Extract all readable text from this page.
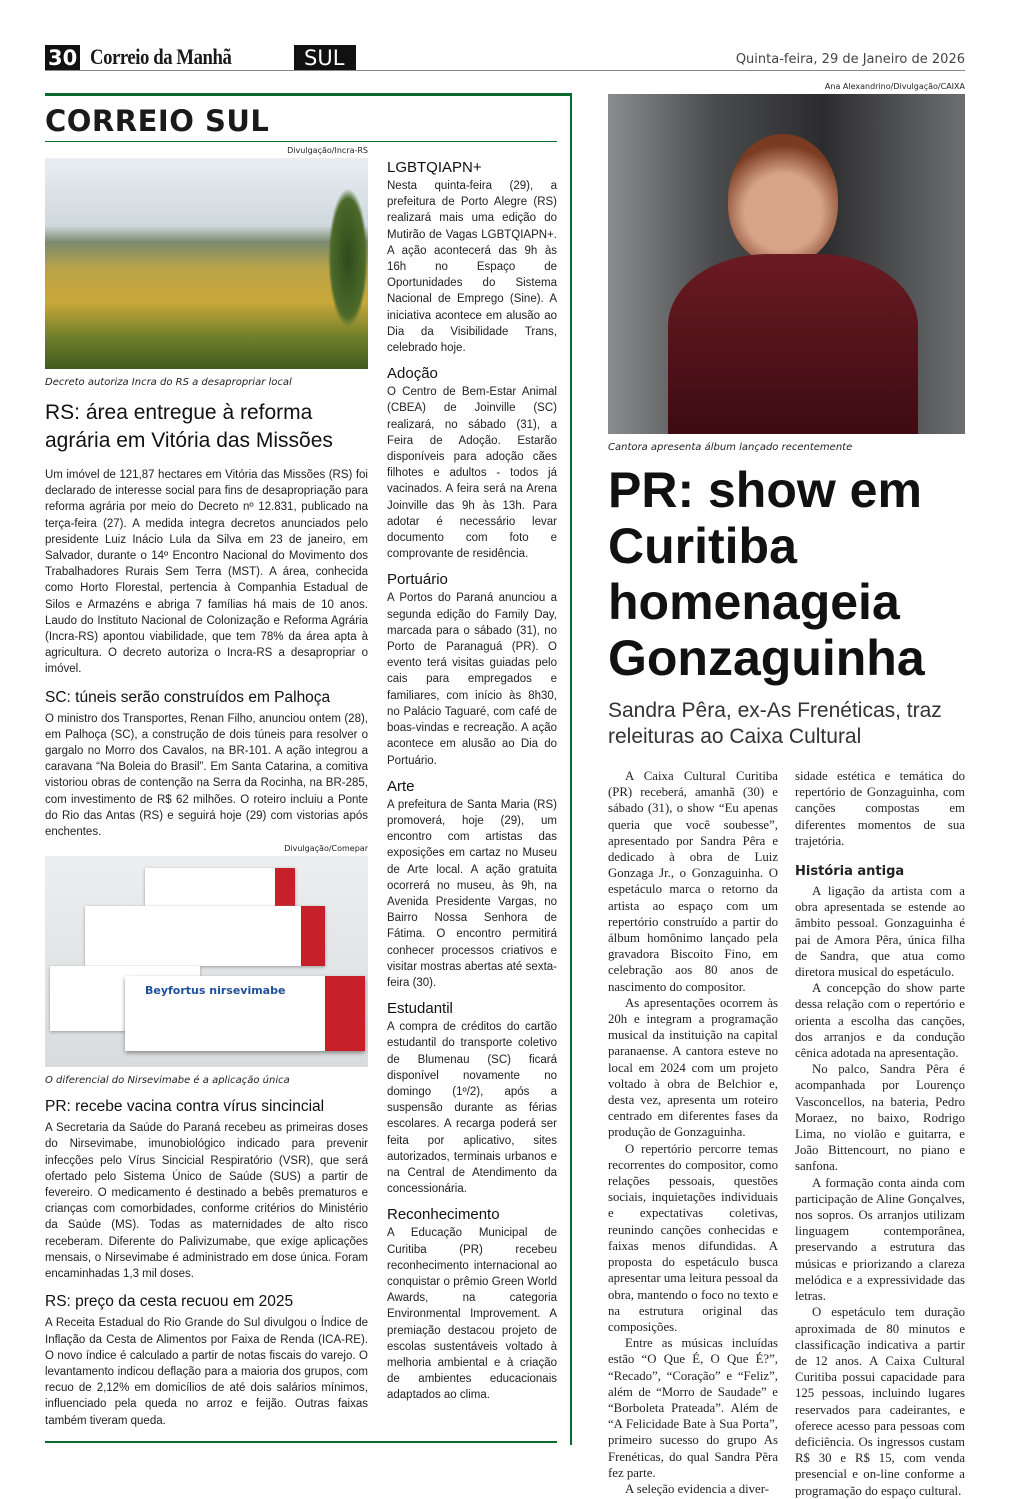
30 Correio da Manhã	SUL	Quinta-feira, 29 de Janeiro de 2026
CORREIO SUL
Divulgação/Incra-RS
Decreto autoriza Incra do RS a desapropriar local
RS: área entregue à reforma agrária em Vitória das Missões
Um imóvel de 121,87 hectares em Vitória das Missões (RS) foi declarado de interesse social para fins de desapropriação para reforma agrária por meio do Decreto nº 12.831, publicado na terça-feira (27). A medida integra decretos anunciados pelo presidente Luiz Inácio Lula da Silva em 23 de janeiro, em Salvador, durante o 14º Encontro Nacional do Movimento dos Trabalhadores Rurais Sem Terra (MST). A área, conhecida como Horto Florestal, pertencia à Companhia Estadual de Silos e Armazéns e abriga 7 famílias há mais de 10 anos. Laudo do Instituto Nacional de Colonização e Reforma Agrária (Incra-RS) apontou viabilidade, que tem 78% da área apta à agricultura. O decreto autoriza o Incra-RS a desapropriar o imóvel.
SC: túneis serão construídos em Palhoça
O ministro dos Transportes, Renan Filho, anunciou ontem (28), em Palhoça (SC), a construção de dois túneis para resolver o gargalo no Morro dos Cavalos, na BR-101. A ação integrou a caravana “Na Boleia do Brasil”. Em Santa Catarina, a comitiva vistoriou obras de contenção na Serra da Rocinha, na BR-285, com investimento de R$ 62 milhões. O roteiro incluiu a Ponte do Rio das Antas (RS) e seguirá hoje (29) com vistorias após enchentes.
Divulgação/Comepar
Beyfortus nirsevimabe
O diferencial do Nirsevimabe é a aplicação única
PR: recebe vacina contra vírus sincincial
A Secretaria da Saúde do Paraná recebeu as primeiras doses do Nirsevimabe, imunobiológico indicado para prevenir infecções pelo Vírus Sincicial Respiratório (VSR), que será ofertado pelo Sistema Único de Saúde (SUS) a partir de fevereiro. O medicamento é destinado a bebês prematuros e crianças com comorbidades, conforme critérios do Ministério da Saúde (MS). Todas as maternidades de alto risco receberam. Diferente do Palivizumabe, que exige aplicações mensais, o Nirsevimabe é administrado em dose única. Foram encaminhadas 1,3 mil doses.
RS: preço da cesta recuou em 2025
A Receita Estadual do Rio Grande do Sul divulgou o Índice de Inflação da Cesta de Alimentos por Faixa de Renda (ICA-RE). O novo índice é calculado a partir de notas fiscais do varejo. O levantamento indicou deflação para a maioria dos grupos, com recuo de 2,12% em domicílios de até dois salários mínimos, influenciado pela queda no arroz e feijão. Outras faixas também tiveram queda.
LGBTQIAPN+

Nesta quinta-feira (29), a prefeitura de Porto Alegre (RS) realizará mais uma edição do Mutirão de Vagas LGBTQIAPN+. A ação acontecerá das 9h às 16h no Espaço de Oportunidades do Sistema Nacional de Emprego (Sine). A iniciativa acontece em alusão ao Dia da Visibilidade Trans, celebrado hoje.

Adoção

O Centro de Bem-Estar Animal (CBEA) de Joinville (SC) realizará, no sábado (31), a Feira de Adoção. Estarão disponíveis para adoção cães filhotes e adultos - todos já vacinados. A feira será na Arena Joinville das 9h às 13h. Para adotar é necessário levar documento com foto e comprovante de residência.

Portuário

A Portos do Paraná anunciou a segunda edição do Family Day, marcada para o sábado (31), no Porto de Paranaguá (PR). O evento terá visitas guiadas pelo cais para empregados e familiares, com início às 8h30, no Palácio Taguaré, com café de boas-vindas e recreação. A ação acontece em alusão ao Dia do Portuário.

Arte

A prefeitura de Santa Maria (RS) promoverá, hoje (29), um encontro com artistas das exposições em cartaz no Museu de Arte local. A ação gratuita ocorrerá no museu, às 9h, na Avenida Presidente Vargas, no Bairro Nossa Senhora de Fátima. O encontro permitirá conhecer processos criativos e visitar mostras abertas até sexta-feira (30).

Estudantil

A compra de créditos do cartão estudantil do transporte coletivo de Blumenau (SC) ficará disponível novamente no domingo (1º/2), após a suspensão durante as férias escolares. A recarga poderá ser feita por aplicativo, sites autorizados, terminais urbanos e na Central de Atendimento da concessionária.

Reconhecimento

A Educação Municipal de Curitiba (PR) recebeu reconhecimento internacional ao conquistar o prêmio Green World Awards, na categoria Environmental Improvement. A premiação destacou projeto de escolas sustentáveis voltado à melhoria ambiental e à criação de ambientes educacionais adaptados ao clima.

Ana Alexandrino/Divulgação/CAIXA
Cantora apresenta álbum lançado recentemente
PR: show em Curitiba homenageia Gonzaguinha
Sandra Pêra, ex-As Frenéticas, traz releituras ao Caixa Cultural

A Caixa Cultural Curitiba (PR) receberá, amanhã (30) e sábado (31), o show “Eu apenas queria que você soubesse”, apresentado por Sandra Pêra e dedicado à obra de Luiz Gonzaga Jr., o Gonzaguinha. O espetáculo marca o retorno da artista ao espaço com um repertório construído a partir do álbum homônimo lançado pela gravadora Biscoito Fino, em celebração aos 80 anos de nascimento do compositor.

As apresentações ocorrem às 20h e integram a programação musical da instituição na capital paranaense. A cantora esteve no local em 2024 com um projeto voltado à obra de Belchior e, desta vez, apresenta um roteiro centrado em diferentes fases da produção de Gonzaguinha.

O repertório percorre temas recorrentes do compositor, como relações pessoais, questões sociais, inquietações individuais e expectativas coletivas, reunindo canções conhecidas e faixas menos difundidas. A proposta do espetáculo busca apresentar uma leitura pessoal da obra, mantendo o foco no texto e na estrutura original das composições.

Entre as músicas incluídas estão “O Que É, O Que É?”, “Recado”, “Coração” e “Feliz”, além de “Morro de Saudade” e “Borboleta Prateada”. Além de “A Felicidade Bate à Sua Porta”, primeiro sucesso do grupo As Frenéticas, do qual Sandra Pêra fez parte.

A seleção evidencia a diver-

sidade estética e temática do repertório de Gonzaguinha, com canções compostas em diferentes momentos de sua trajetória.
História antiga

A ligação da artista com a obra apresentada se estende ao âmbito pessoal. Gonzaguinha é pai de Amora Pêra, única filha de Sandra, que atua como diretora musical do espetáculo.

A concepção do show parte dessa relação com o repertório e orienta a escolha das canções, dos arranjos e da condução cênica adotada na apresentação.

No palco, Sandra Pêra é acompanhada por Lourenço Vasconcellos, na bateria, Pedro Moraez, no baixo, Rodrigo Lima, no violão e guitarra, e João Bittencourt, no piano e sanfona.

A formação conta ainda com participação de Aline Gonçalves, nos sopros. Os arranjos utilizam linguagem contemporânea, preservando a estrutura das músicas e priorizando a clareza melódica e a expressividade das letras.

O espetáculo tem duração aproximada de 80 minutos e classificação indicativa a partir de 12 anos. A Caixa Cultural Curitiba possui capacidade para 125 pessoas, incluindo lugares reservados para cadeirantes, e oferece acesso para pessoas com deficiência. Os ingressos custam R$ 30 e R$ 15, com venda presencial e on-line conforme a programação do espaço cultural.
